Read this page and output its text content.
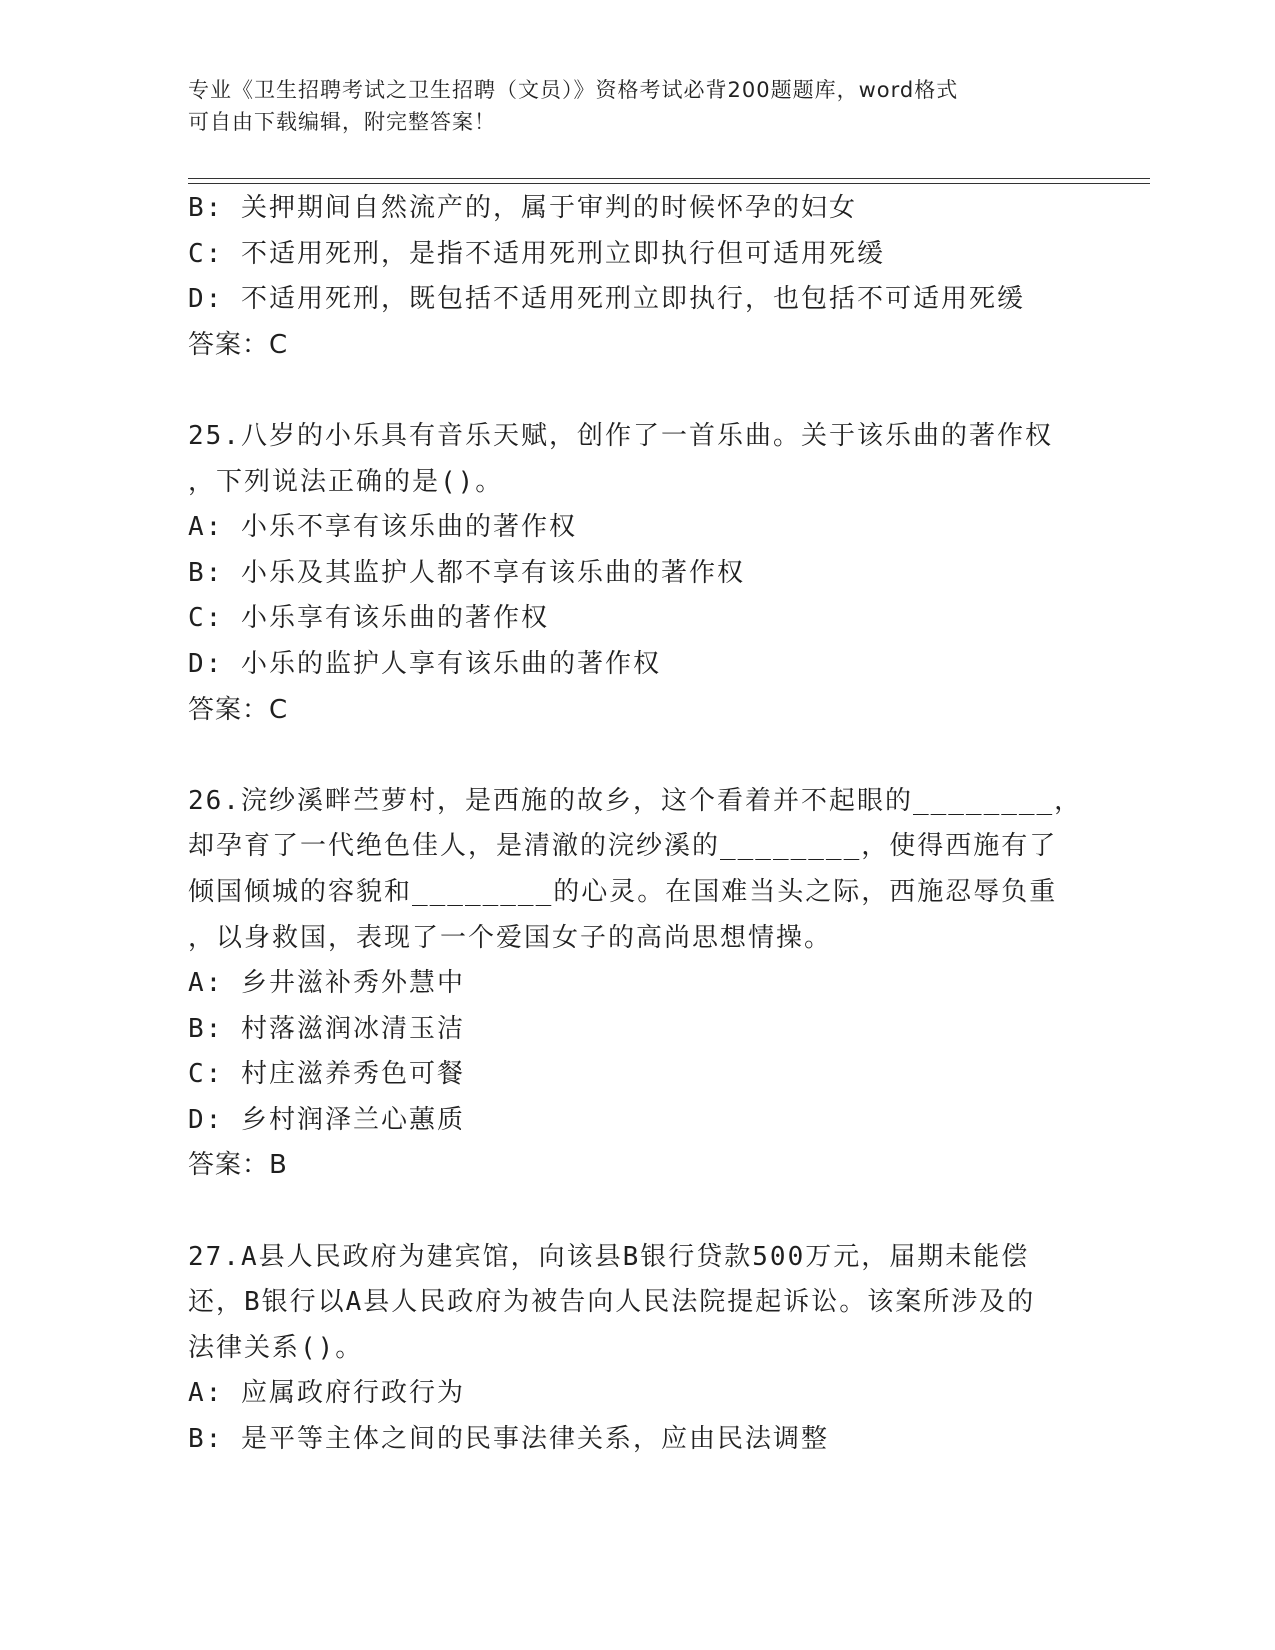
专业《卫生招聘考试之卫生招聘（文员）》资格考试必背200题题库，word格式
可自由下载编辑，附完整答案！
B: 关押期间自然流产的，属于审判的时候怀孕的妇女
C: 不适用死刑，是指不适用死刑立即执行但可适用死缓
D: 不适用死刑，既包括不适用死刑立即执行，也包括不可适用死缓
答案：C
25.八岁的小乐具有音乐天赋，创作了一首乐曲。关于该乐曲的著作权
，下列说法正确的是()。
A: 小乐不享有该乐曲的著作权
B: 小乐及其监护人都不享有该乐曲的著作权
C: 小乐享有该乐曲的著作权
D: 小乐的监护人享有该乐曲的著作权
答案：C
26.浣纱溪畔苎萝村，是西施的故乡，这个看着并不起眼的________，
却孕育了一代绝色佳人，是清澈的浣纱溪的________，使得西施有了
倾国倾城的容貌和________的心灵。在国难当头之际，西施忍辱负重
，以身救国，表现了一个爱国女子的高尚思想情操。
A: 乡井滋补秀外慧中
B: 村落滋润冰清玉洁
C: 村庄滋养秀色可餐
D: 乡村润泽兰心蕙质
答案：B
27.A县人民政府为建宾馆，向该县B银行贷款500万元，届期未能偿
还，B银行以A县人民政府为被告向人民法院提起诉讼。该案所涉及的
法律关系()。
A: 应属政府行政行为
B: 是平等主体之间的民事法律关系，应由民法调整
